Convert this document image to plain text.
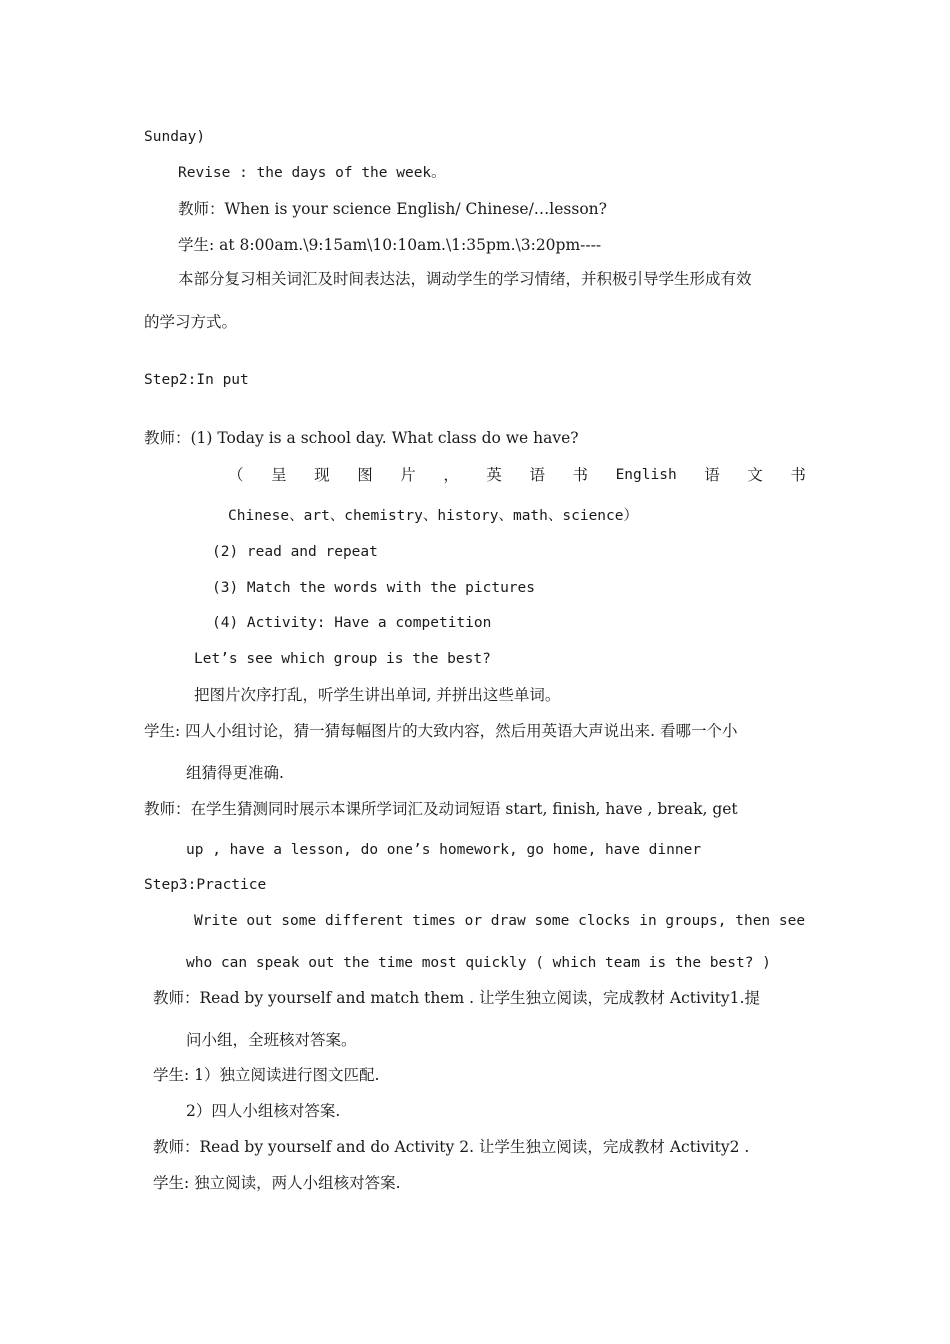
Sunday)
Revise : the days of the week。
教师：When is your science English/ Chinese/…lesson?
学生: at 8:00am.\9:15am\10:10am.\1:35pm.\3:20pm----
本部分复习相关词汇及时间表达法，调动学生的学习情绪，并积极引导学生形成有效
的学习方式。
Step2:In put
教师：(1) Today is a school day. What class do we have?
（ 呈 现 图 片 ， 英 语 书 English 语 文 书
Chinese、art、chemistry、history、math、science）
(2) read and repeat
(3) Match the words with the pictures
(4) Activity: Have a competition
Let’s see which group is the best?
把图片次序打乱，听学生讲出单词, 并拼出这些单词。
学生: 四人小组讨论，猜一猜每幅图片的大致内容，然后用英语大声说出来. 看哪一个小
组猜得更准确.
教师：在学生猜测同时展示本课所学词汇及动词短语 start, finish, have , break, get
up , have a lesson, do one’s homework, go home, have dinner
Step3:Practice
Write out some different times or draw some clocks in groups, then see
who can speak out the time most quickly ( which team is the best? )
教师：Read by yourself and match them . 让学生独立阅读，完成教材 Activity1.提
问小组，全班核对答案。
学生: 1）独立阅读进行图文匹配.
2）四人小组核对答案.
教师：Read by yourself and do Activity 2. 让学生独立阅读，完成教材 Activity2 .
学生: 独立阅读，两人小组核对答案.
